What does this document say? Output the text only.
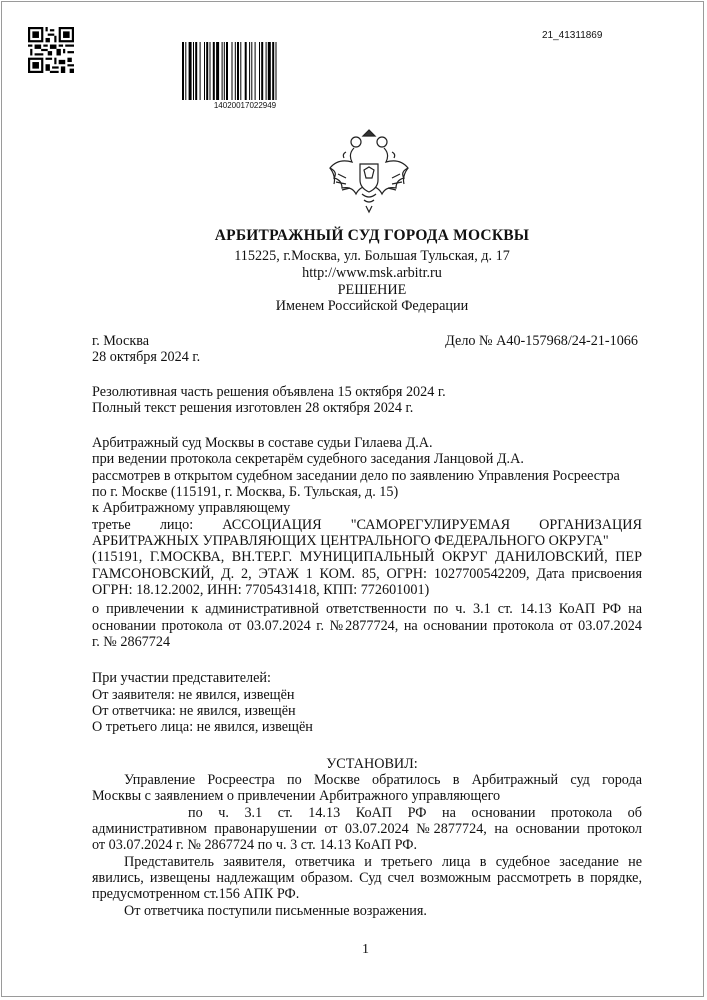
14020017022949
21_41311869
АРБИТРАЖНЫЙ СУД ГОРОДА МОСКВЫ
115225, г.Москва, ул. Большая Тульская, д. 17
http://www.msk.arbitr.ru
РЕШЕНИЕ
Именем Российской Федерации
г. Москва	Дело № А40-157968/24-21-1066
28 октября 2024 г.
Резолютивная часть решения объявлена 15 октября 2024 г.
Полный текст решения изготовлен 28 октября 2024 г.
Арбитражный суд Москвы в составе судьи Гилаева Д.А.
при ведении протокола секретарём судебного заседания Ланцовой Д.А.
рассмотрев в открытом судебном заседании дело по заявлению Управления Росреестра
по г. Москве (115191, г. Москва, Б. Тульская, д. 15)
к Арбитражному управляющему
третье лицо: АССОЦИАЦИЯ "САМОРЕГУЛИРУЕМАЯ ОРГАНИЗАЦИЯ
АРБИТРАЖНЫХ УПРАВЛЯЮЩИХ ЦЕНТРАЛЬНОГО ФЕДЕРАЛЬНОГО ОКРУГА"
(115191, Г.МОСКВА, ВН.ТЕР.Г. МУНИЦИПАЛЬНЫЙ ОКРУГ ДАНИЛОВСКИЙ, ПЕР
ГАМСОНОВСКИЙ, Д. 2, ЭТАЖ 1 КОМ. 85, ОГРН: 1027700542209, Дата присвоения
ОГРН: 18.12.2002, ИНН: 7705431418, КПП: 772601001)
о привлечении к административной ответственности по ч. 3.1 ст. 14.13 КоАП РФ на
основании протокола от 03.07.2024 г. №2877724, на основании протокола от 03.07.2024
г. № 2867724
При участии представителей:
От заявителя: не явился, извещён
От ответчика: не явился, извещён
О третьего лица: не явился, извещён
УСТАНОВИЛ:
Управление Росреестра по Москве обратилось в Арбитражный суд города
Москвы с заявлением о привлечении Арбитражного управляющего
по ч. 3.1 ст. 14.13 КоАП РФ на основании протокола об
административном правонарушении от 03.07.2024 №2877724, на основании протокол
от 03.07.2024 г. № 2867724 по ч. 3 ст. 14.13 КоАП РФ.
Представитель заявителя, ответчика и третьего лица в судебное заседание не
явились, извещены надлежащим образом. Суд счел возможным рассмотреть в порядке,
предусмотренном ст.156 АПК РФ.
От ответчика поступили письменные возражения.
1
